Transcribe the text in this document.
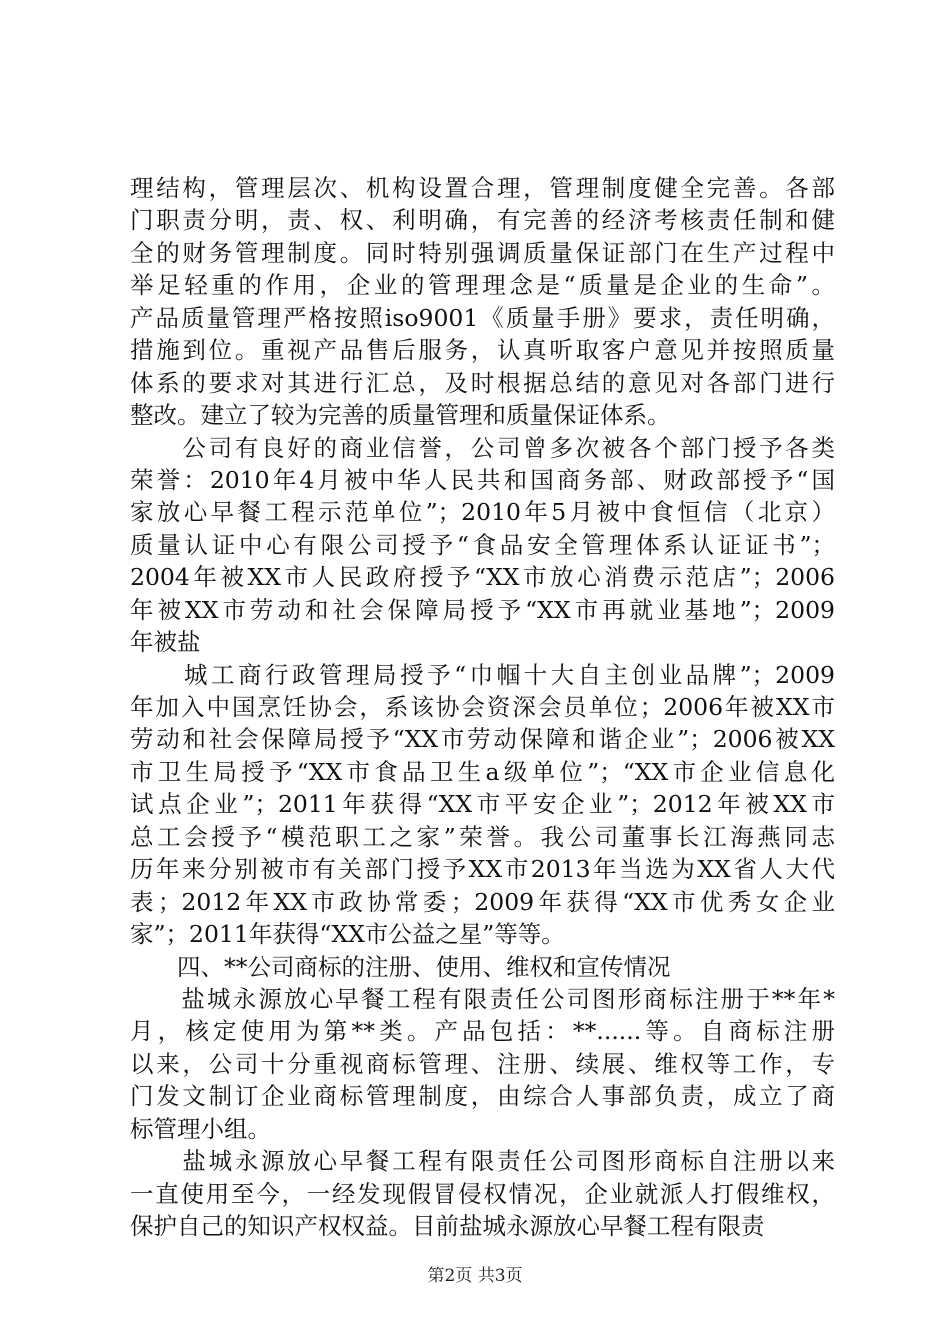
理结构，管理层次、机构设置合理，管理制度健全完善。各部
门职责分明，责、权、利明确，有完善的经济考核责任制和健
全的财务管理制度。同时特别强调质量保证部门在生产过程中
举足轻重的作用，企业的管理理念是“质量是企业的生命”。
产品质量管理严格按照iso9001《质量手册》要求，责任明确，
措施到位。重视产品售后服务，认真听取客户意见并按照质量
体系的要求对其进行汇总，及时根据总结的意见对各部门进行
整改。建立了较为完善的质量管理和质量保证体系。
　　公司有良好的商业信誉，公司曾多次被各个部门授予各类
荣誉：2010年4月被中华人民共和国商务部、财政部授予“国
家放心早餐工程示范单位”；2010年5月被中食恒信（北京）
质量认证中心有限公司授予“食品安全管理体系认证证书”；
2004年被XX市人民政府授予“XX市放心消费示范店”；2006
年被XX市劳动和社会保障局授予“XX市再就业基地”；2009
年被盐
　　城工商行政管理局授予“巾帼十大自主创业品牌”；2009
年加入中国烹饪协会，系该协会资深会员单位；2006年被XX市
劳动和社会保障局授予“XX市劳动保障和谐企业”；2006被XX
市卫生局授予“XX市食品卫生a级单位”；“XX市企业信息化
试点企业”；2011年获得“XX市平安企业”；2012年被XX市
总工会授予“模范职工之家”荣誉。我公司董事长江海燕同志
历年来分别被市有关部门授予XX市2013年当选为XX省人大代
表；2012年XX市政协常委；2009年获得“XX市优秀女企业
家”；2011年获得“XX市公益之星”等等。
　　四、**公司商标的注册、使用、维权和宣传情况
　　盐城永源放心早餐工程有限责任公司图形商标注册于**年*
月，核定使用为第**类。产品包括：**......等。自商标注册
以来，公司十分重视商标管理、注册、续展、维权等工作，专
门发文制订企业商标管理制度，由综合人事部负责，成立了商
标管理小组。
　　盐城永源放心早餐工程有限责任公司图形商标自注册以来
一直使用至今，一经发现假冒侵权情况，企业就派人打假维权，
保护自己的知识产权权益。目前盐城永源放心早餐工程有限责
第2页 共3页
